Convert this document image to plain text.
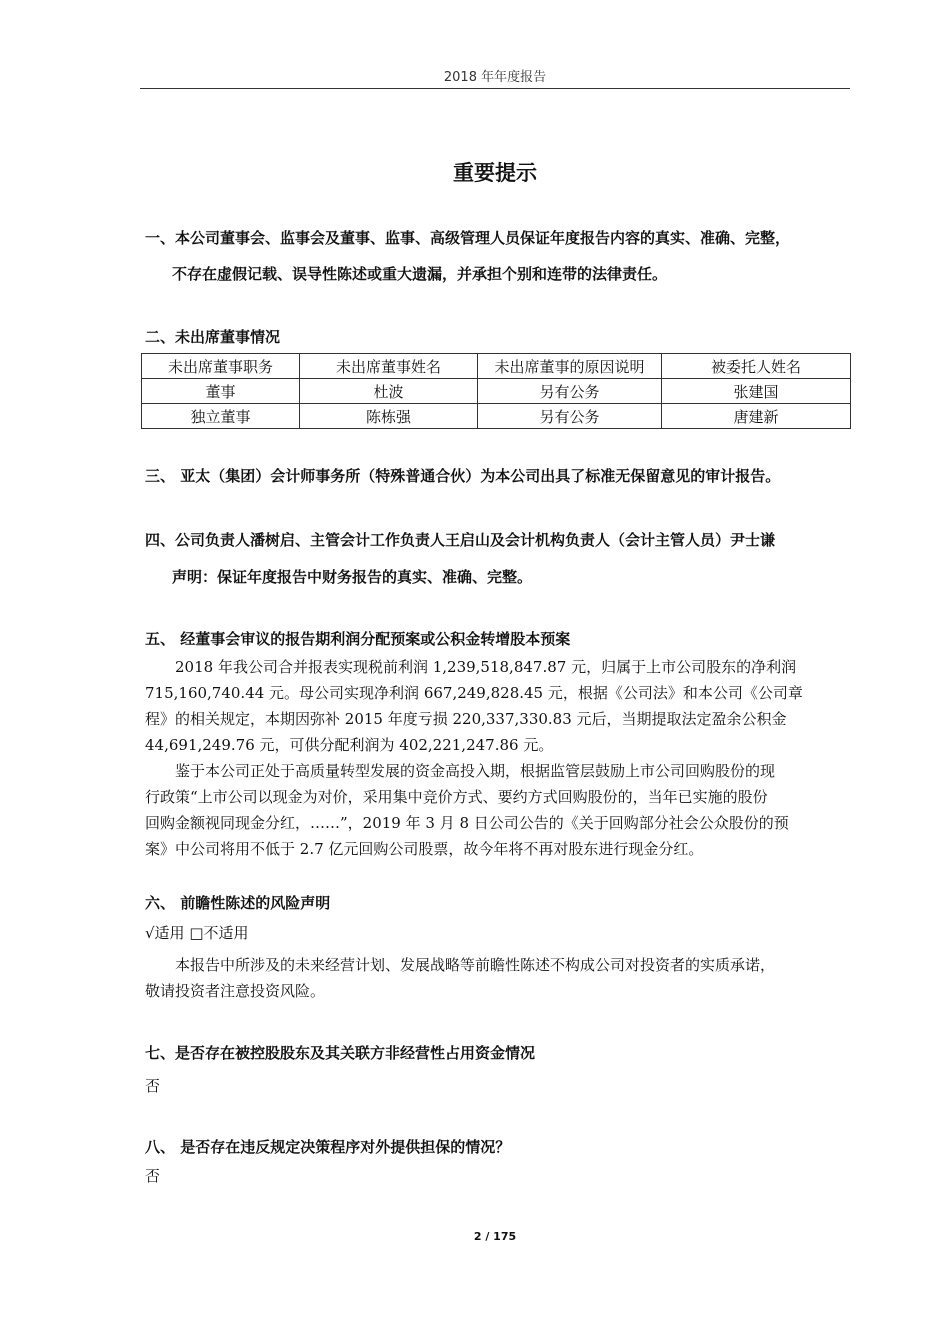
2018 年年度报告
重要提示
一、本公司董事会、监事会及董事、监事、高级管理人员保证年度报告内容的真实、准确、完整，
不存在虚假记载、误导性陈述或重大遗漏，并承担个别和连带的法律责任。
二、未出席董事情况
未出席董事职务	未出席董事姓名	未出席董事的原因说明	被委托人姓名
董事	杜波	另有公务	张建国
独立董事	陈栋强	另有公务	唐建新
三、 亚太（集团）会计师事务所（特殊普通合伙）为本公司出具了标准无保留意见的审计报告。
四、公司负责人潘树启、主管会计工作负责人王启山及会计机构负责人（会计主管人员）尹士谦
声明：保证年度报告中财务报告的真实、准确、完整。
五、 经董事会审议的报告期利润分配预案或公积金转增股本预案
2018 年我公司合并报表实现税前利润 1,239,518,847.87 元，归属于上市公司股东的净利润
715,160,740.44 元。母公司实现净利润 667,249,828.45 元，根据《公司法》和本公司《公司章
程》的相关规定，本期因弥补 2015 年度亏损 220,337,330.83 元后，当期提取法定盈余公积金
44,691,249.76 元，可供分配利润为 402,221,247.86 元。
鉴于本公司正处于高质量转型发展的资金高投入期，根据监管层鼓励上市公司回购股份的现
行政策“上市公司以现金为对价，采用集中竞价方式、要约方式回购股份的，当年已实施的股份
回购金额视同现金分红，……”，2019 年 3 月 8 日公司公告的《关于回购部分社会公众股份的预
案》中公司将用不低于 2.7 亿元回购公司股票，故今年将不再对股东进行现金分红。
六、 前瞻性陈述的风险声明
√适用 □不适用
本报告中所涉及的未来经营计划、发展战略等前瞻性陈述不构成公司对投资者的实质承诺，
敬请投资者注意投资风险。
七、是否存在被控股股东及其关联方非经营性占用资金情况
否
八、 是否存在违反规定决策程序对外提供担保的情况？
否
2 / 175
